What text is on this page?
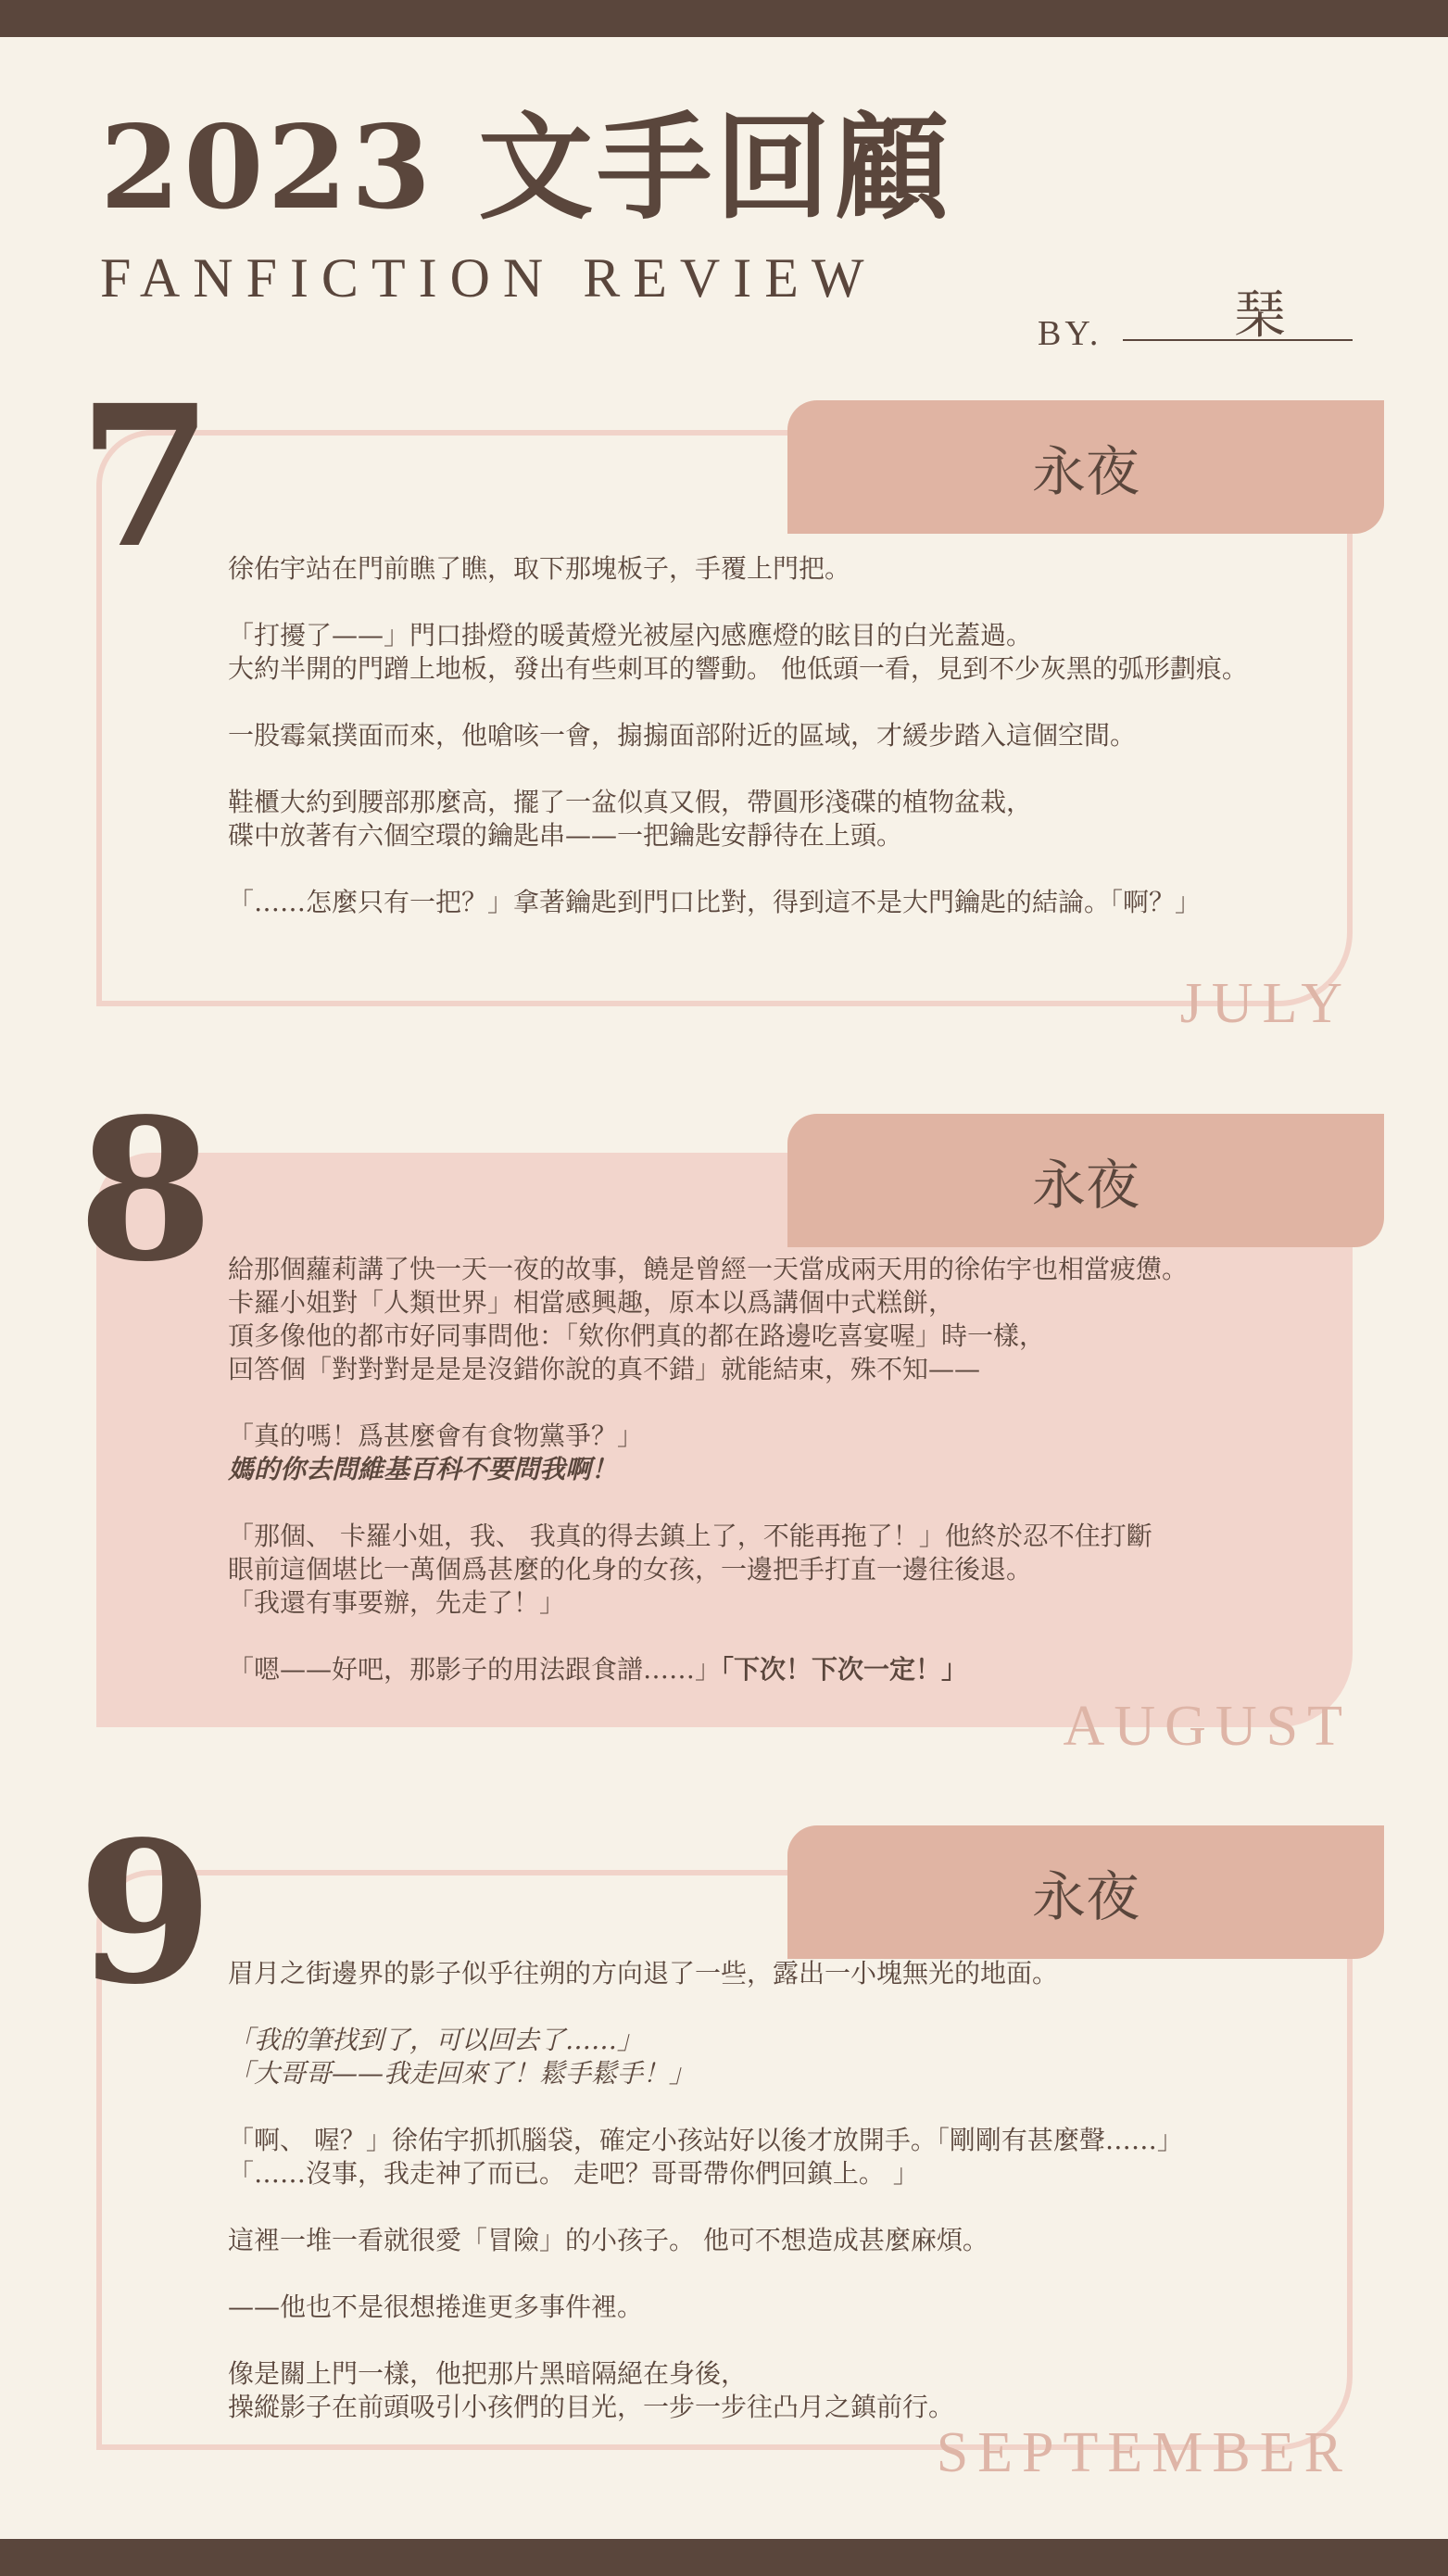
2023 文手回顧
FANFICTION REVIEW
BY.	琹
7	永夜

徐佑宇站在門前瞧了瞧，取下那塊板子，手覆上門把。

「打擾了——」門口掛燈的暖黃燈光被屋內感應燈的眩目的白光蓋過。

大約半開的門蹭上地板，發出有些刺耳的響動。 他低頭一看，見到不少灰黑的弧形劃痕。

一股霉氣撲面而來，他嗆咳一會，搧搧面部附近的區域，才緩步踏入這個空間。

鞋櫃大約到腰部那麼高，擺了一盆似真又假，帶圓形淺碟的植物盆栽，

碟中放著有六個空環的鑰匙串——一把鑰匙安靜待在上頭。

「……怎麼只有一把？」拿著鑰匙到門口比對，得到這不是大門鑰匙的結論。「啊？」

JULY
8	永夜

給那個蘿莉講了快一天一夜的故事，饒是曾經一天當成兩天用的徐佑宇也相當疲憊。

卡羅小姐對「人類世界」相當感興趣，原本以爲講個中式糕餅，

頂多像他的都市好同事問他：「欸你們真的都在路邊吃喜宴喔」時一樣，

回答個「對對對是是是沒錯你說的真不錯」就能結束，殊不知——

「真的嗎！爲甚麼會有食物黨爭？」

媽的你去問維基百科不要問我啊！

「那個、 卡羅小姐，我、 我真的得去鎮上了，不能再拖了！」他終於忍不住打斷

眼前這個堪比一萬個爲甚麼的化身的女孩，一邊把手打直一邊往後退。

「我還有事要辦，先走了！」

「嗯——好吧，那影子的用法跟食譜……」「下次！下次一定！」

AUGUST
9	永夜

眉月之街邊界的影子似乎往朔的方向退了一些，露出一小塊無光的地面。

「我的筆找到了，可以回去了……」

「大哥哥——我走回來了！鬆手鬆手！」

「啊、 喔？」徐佑宇抓抓腦袋，確定小孩站好以後才放開手。「剛剛有甚麼聲……」

「……沒事，我走神了而已。 走吧？哥哥帶你們回鎮上。 」

這裡一堆一看就很愛「冒險」的小孩子。 他可不想造成甚麼麻煩。

——他也不是很想捲進更多事件裡。

像是關上門一樣，他把那片黑暗隔絕在身後，

操縱影子在前頭吸引小孩們的目光，一步一步往凸月之鎮前行。

SEPTEMBER
